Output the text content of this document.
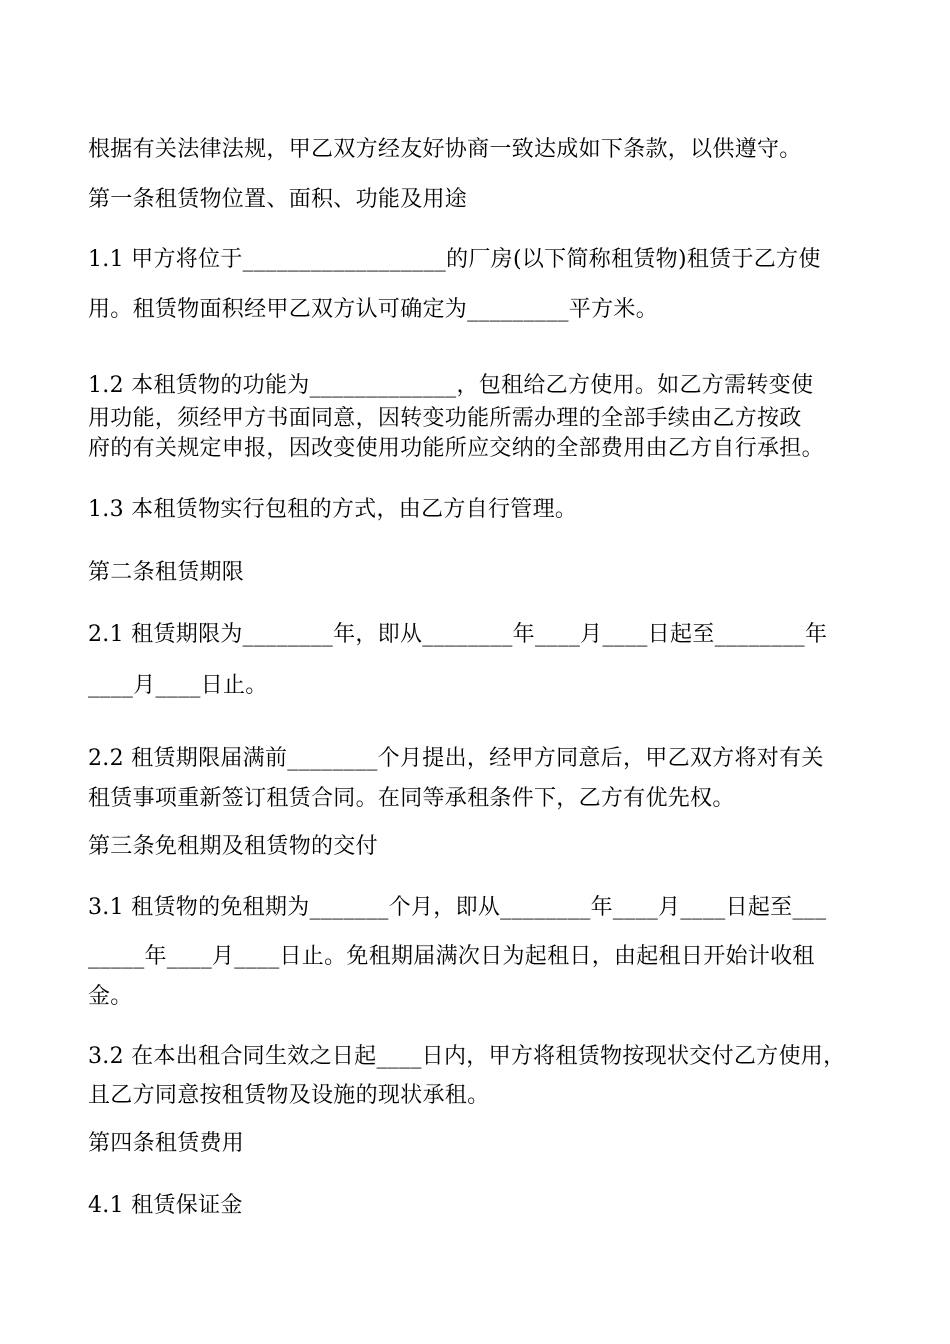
根据有关法律法规，甲乙双方经友好协商一致达成如下条款，以供遵守。
第一条租赁物位置、面积、功能及用途
1.1 甲方将位于__________________的厂房(以下简称租赁物)租赁于乙方使
用。租赁物面积经甲乙双方认可确定为_________平方米。
1.2 本租赁物的功能为_____________，包租给乙方使用。如乙方需转变使
用功能，须经甲方书面同意，因转变功能所需办理的全部手续由乙方按政
府的有关规定申报，因改变使用功能所应交纳的全部费用由乙方自行承担。
1.3 本租赁物实行包租的方式，由乙方自行管理。
第二条租赁期限
2.1 租赁期限为________年，即从________年____月____日起至________年
____月____日止。
2.2 租赁期限届满前________个月提出，经甲方同意后，甲乙双方将对有关
租赁事项重新签订租赁合同。在同等承租条件下，乙方有优先权。
第三条免租期及租赁物的交付
3.1 租赁物的免租期为_______个月，即从________年____月____日起至___
_____年____月____日止。免租期届满次日为起租日，由起租日开始计收租
金。
3.2 在本出租合同生效之日起____日内，甲方将租赁物按现状交付乙方使用，
且乙方同意按租赁物及设施的现状承租。
第四条租赁费用
4.1 租赁保证金
